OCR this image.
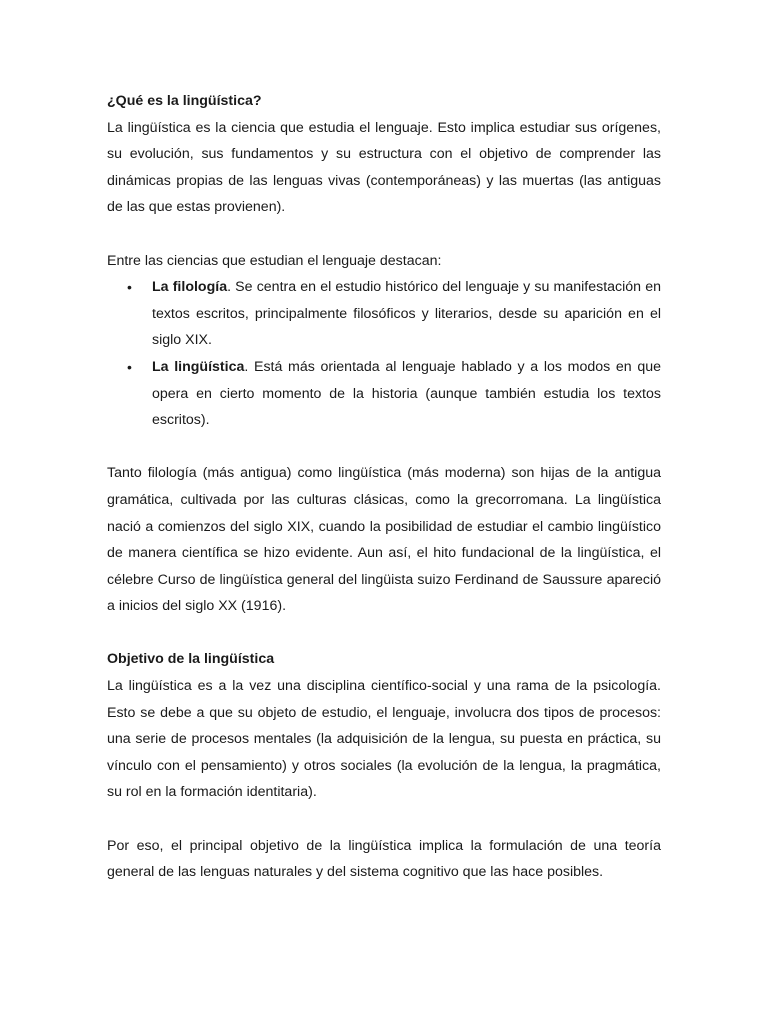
¿Qué es la lingüística?

La lingüística es la ciencia que estudia el lenguaje. Esto implica estudiar sus orígenes, su evolución, sus fundamentos y su estructura con el objetivo de comprender las dinámicas propias de las lenguas vivas (contemporáneas) y las muertas (las antiguas de las que estas provienen).

Entre las ciencias que estudian el lenguaje destacan:

• La filología. Se centra en el estudio histórico del lenguaje y su manifestación en textos escritos, principalmente filosóficos y literarios, desde su aparición en el siglo XIX.
• La lingüística. Está más orientada al lenguaje hablado y a los modos en que opera en cierto momento de la historia (aunque también estudia los textos escritos).

Tanto filología (más antigua) como lingüística (más moderna) son hijas de la antigua gramática, cultivada por las culturas clásicas, como la grecorromana. La lingüística nació a comienzos del siglo XIX, cuando la posibilidad de estudiar el cambio lingüístico de manera científica se hizo evidente. Aun así, el hito fundacional de la lingüística, el célebre Curso de lingüística general del lingüista suizo Ferdinand de Saussure apareció a inicios del siglo XX (1916).

Objetivo de la lingüística

La lingüística es a la vez una disciplina científico-social y una rama de la psicología. Esto se debe a que su objeto de estudio, el lenguaje, involucra dos tipos de procesos: una serie de procesos mentales (la adquisición de la lengua, su puesta en práctica, su vínculo con el pensamiento) y otros sociales (la evolución de la lengua, la pragmática, su rol en la formación identitaria).

Por eso, el principal objetivo de la lingüística implica la formulación de una teoría general de las lenguas naturales y del sistema cognitivo que las hace posibles.
